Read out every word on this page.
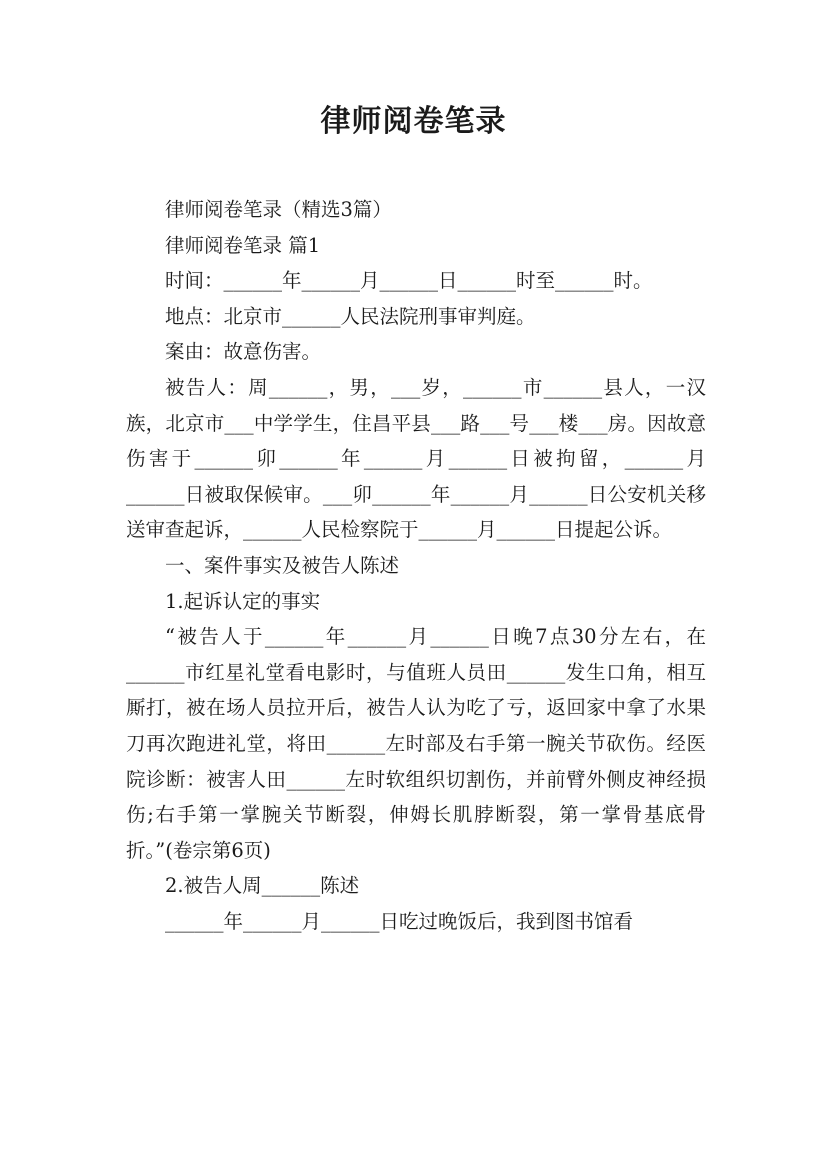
律师阅卷笔录

律师阅卷笔录（精选3篇）

律师阅卷笔录 篇1

时间：______年______月______日______时至______时。

地点：北京市______人民法院刑事审判庭。

案由：故意伤害。

被告人：周______，男，___岁，______市______县人，一汉族，北京市___中学学生，住昌平县___路___号___楼___房。因故意伤害于______卯______年______月______日被拘留，______月______日被取保候审。___卯______年______月______日公安机关移送审查起诉，______人民检察院于______月______日提起公诉。

一、案件事实及被告人陈述

1.起诉认定的事实

“被告人于______年______月______日晚7点30分左右，在______市红星礼堂看电影时，与值班人员田______发生口角，相互厮打，被在场人员拉开后，被告人认为吃了亏，返回家中拿了水果刀再次跑进礼堂，将田______左时部及右手第一腕关节砍伤。经医院诊断：被害人田______左时软组织切割伤，并前臂外侧皮神经损伤;右手第一掌腕关节断裂，伸姆长肌脖断裂，第一掌骨基底骨折。”(卷宗第6页)

2.被告人周______陈述

______年______月______日吃过晚饭后，我到图书馆看
